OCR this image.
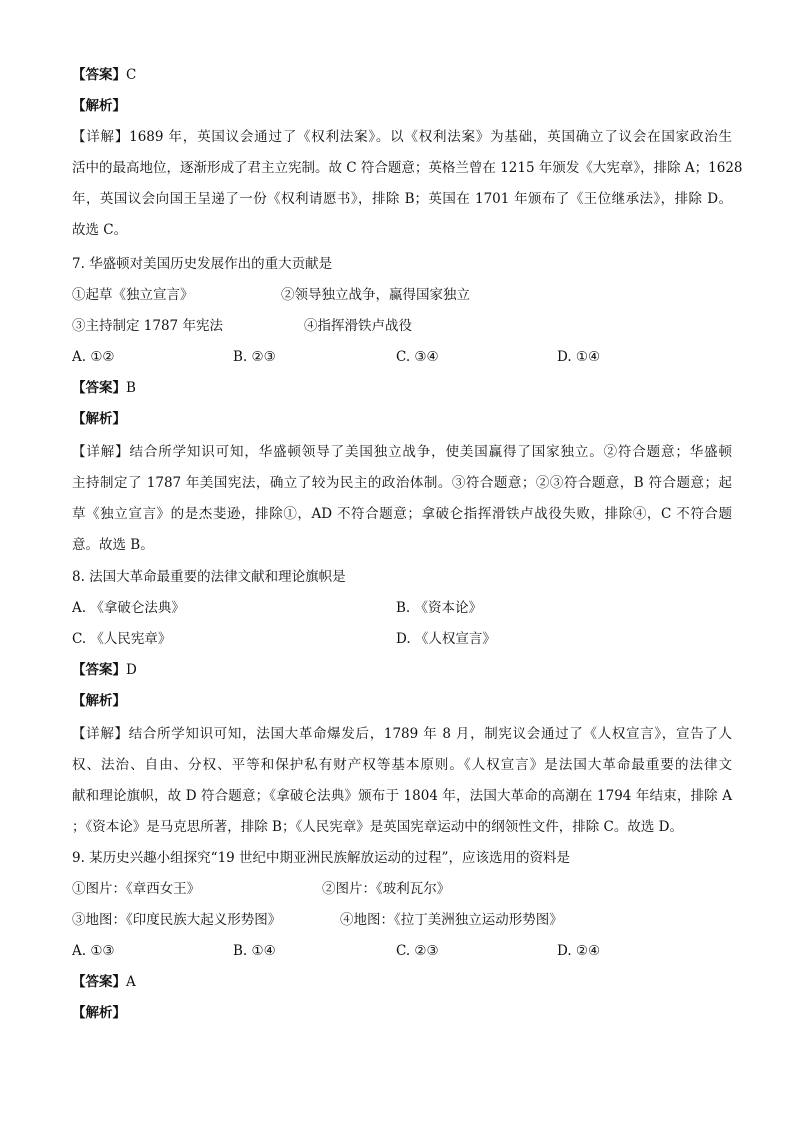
【答案】C
【解析】
【详解】1689 年，英国议会通过了《权利法案》。以《权利法案》为基础，英国确立了议会在国家政治生
活中的最高地位，逐渐形成了君主立宪制。故 C 符合题意；英格兰曾在 1215 年颁发《大宪章》，排除 A；1628
年，英国议会向国王呈递了一份《权利请愿书》，排除 B；英国在 1701 年颁布了《王位继承法》，排除 D。
故选 C。
7. 华盛顿对美国历史发展作出的重大贡献是
①起草《独立宣言》	②领导独立战争，赢得国家独立
③主持制定 1787 年宪法	④指挥滑铁卢战役
A. ①②	B. ②③	C. ③④	D. ①④
【答案】B
【解析】
【详解】结合所学知识可知，华盛顿领导了美国独立战争，使美国赢得了国家独立。②符合题意；华盛顿
主持制定了 1787 年美国宪法，确立了较为民主的政治体制。③符合题意；②③符合题意，B 符合题意；起
草《独立宣言》的是杰斐逊，排除①，AD 不符合题意；拿破仑指挥滑铁卢战役失败，排除④，C 不符合题
意。故选 B。
8. 法国大革命最重要的法律文献和理论旗帜是
A. 《拿破仑法典》	B. 《资本论》
C. 《人民宪章》	D. 《人权宣言》
【答案】D
【解析】
【详解】结合所学知识可知，法国大革命爆发后，1789 年 8 月，制宪议会通过了《人权宣言》，宣告了人
权、法治、自由、分权、平等和保护私有财产权等基本原则。《人权宣言》是法国大革命最重要的法律文
献和理论旗帜，故 D 符合题意；《拿破仑法典》颁布于 1804 年，法国大革命的高潮在 1794 年结束，排除 A
；《资本论》是马克思所著，排除 B；《人民宪章》是英国宪章运动中的纲领性文件，排除 C。故选 D。
9. 某历史兴趣小组探究“19 世纪中期亚洲民族解放运动的过程”，应该选用的资料是
①图片：《章西女王》	②图片：《玻利瓦尔》
③地图：《印度民族大起义形势图》	④地图：《拉丁美洲独立运动形势图》
A. ①③	B. ①④	C. ②③	D. ②④
【答案】A
【解析】
